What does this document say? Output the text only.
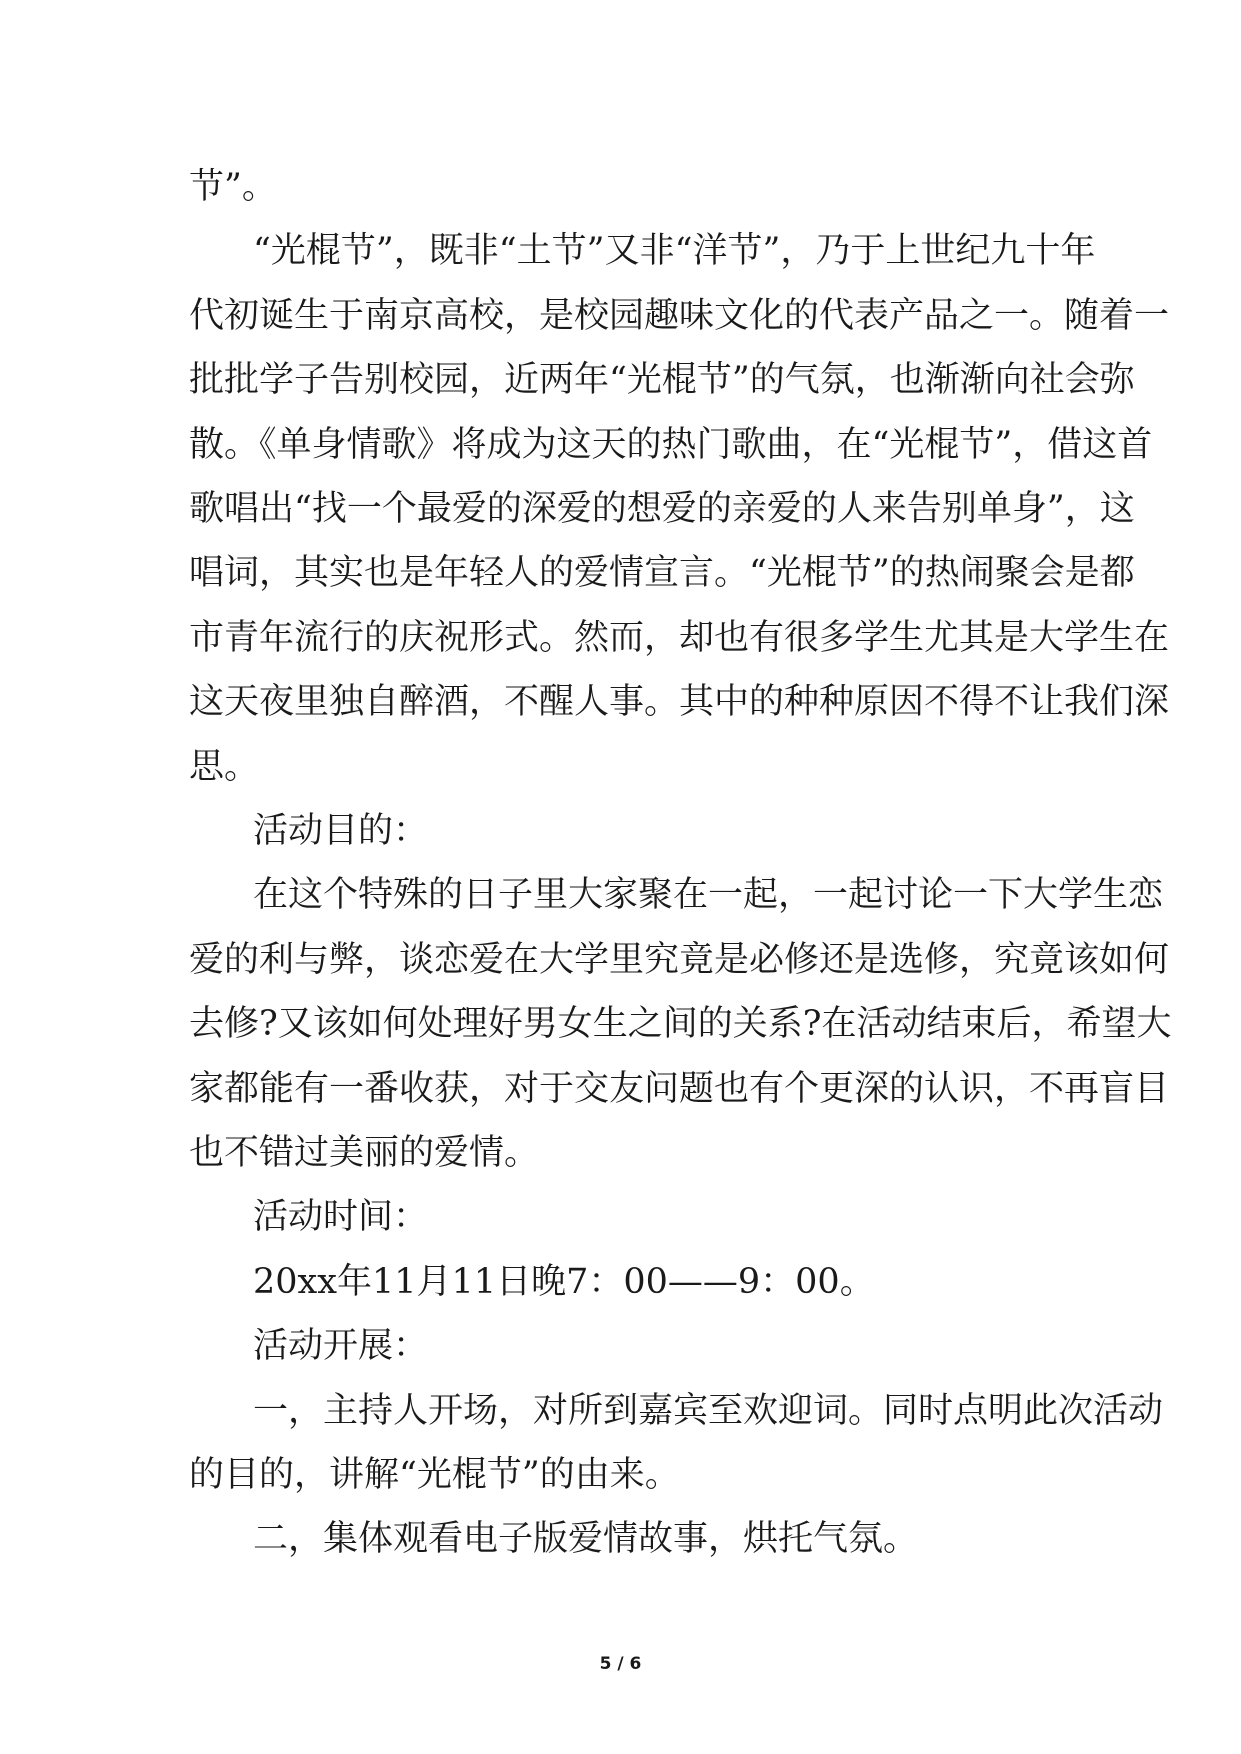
节”。
“光棍节”，既非“土节”又非“洋节”，乃于上世纪九十年
代初诞生于南京高校，是校园趣味文化的代表产品之一。随着一
批批学子告别校园，近两年“光棍节”的气氛，也渐渐向社会弥
散。《单身情歌》将成为这天的热门歌曲，在“光棍节”，借这首
歌唱出“找一个最爱的深爱的想爱的亲爱的人来告别单身”，这
唱词，其实也是年轻人的爱情宣言。“光棍节”的热闹聚会是都
市青年流行的庆祝形式。然而，却也有很多学生尤其是大学生在
这天夜里独自醉酒，不醒人事。其中的种种原因不得不让我们深
思。
活动目的：
在这个特殊的日子里大家聚在一起，一起讨论一下大学生恋
爱的利与弊，谈恋爱在大学里究竟是必修还是选修，究竟该如何
去修?又该如何处理好男女生之间的关系?在活动结束后，希望大
家都能有一番收获，对于交友问题也有个更深的认识，不再盲目
也不错过美丽的爱情。
活动时间：
20xx年11月11日晚7：00——9：00。
活动开展：
一，主持人开场，对所到嘉宾至欢迎词。同时点明此次活动
的目的，讲解“光棍节”的由来。
二，集体观看电子版爱情故事，烘托气氛。
5 / 6
